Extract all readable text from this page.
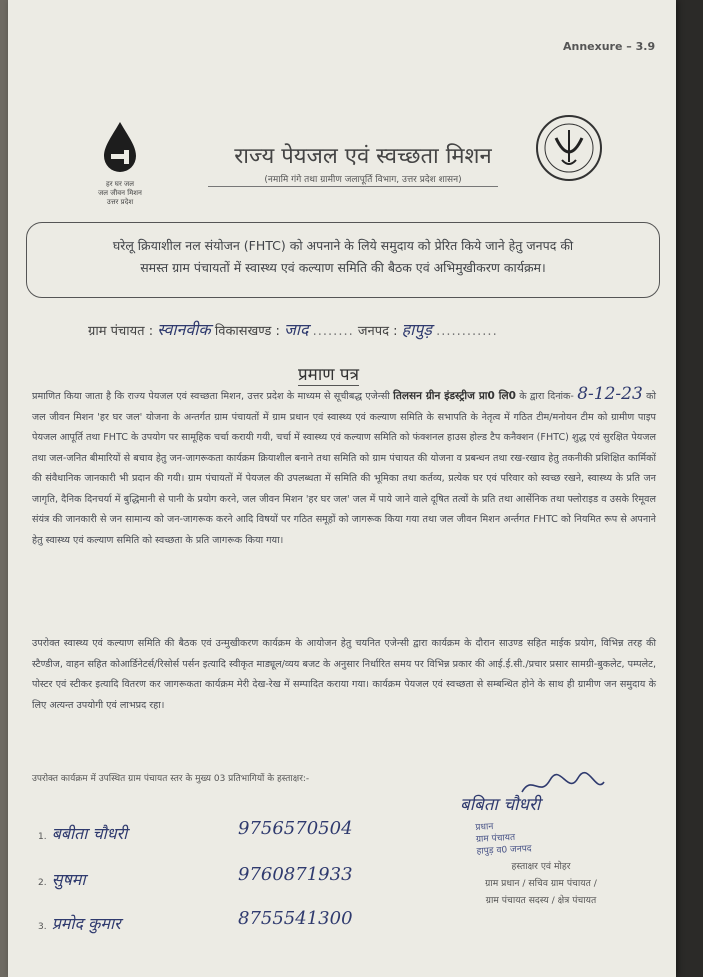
Annexure – 3.9
हर घर जल
जल जीवन मिशन
उत्तर प्रदेश
राज्य पेयजल एवं स्वच्छता मिशन
(नमामि गंगे तथा ग्रामीण जलापूर्ति विभाग, उत्तर प्रदेश शासन)
घरेलू क्रियाशील नल संयोजन (FHTC) को अपनाने के लिये समुदाय को प्रेरित किये जाने हेतु जनपद की
समस्त ग्राम पंचायतों में स्वास्थ्य एवं कल्याण समिति की बैठक एवं अभिमुखीकरण कार्यक्रम।
ग्राम पंचायत : स्वानवीक विकासखण्ड : जाद ........ जनपद : हापुड़ ............
प्रमाण पत्र
प्रमाणित किया जाता है कि राज्य पेयजल एवं स्वच्छता मिशन, उत्तर प्रदेश के माध्यम से सूचीबद्ध एजेन्सी तिलसन ग्रीन इंडस्ट्रीज प्रा0 लि0 के द्वारा दिनांक- 8-12-23 को जल जीवन मिशन 'हर घर जल' योजना के अन्तर्गत ग्राम पंचायतों में ग्राम प्रधान एवं स्वास्थ्य एवं कल्याण समिति के सभापति के नेतृत्व में गठित टीम/मनोयन टीम को ग्रामीण पाइप पेयजल आपूर्ति तथा FHTC के उपयोग पर सामूहिक चर्चा करायी गयी, चर्चा में स्वास्थ्य एवं कल्याण समिति को फंक्शनल हाउस होल्ड टैप कनैक्शन (FHTC) शुद्ध एवं सुरक्षित पेयजल तथा जल-जनित बीमारियों से बचाव हेतु जन-जागरूकता कार्यक्रम क्रियाशील बनाने तथा समिति को ग्राम पंचायत की योजना व प्रबन्धन तथा रख-रखाव हेतु तकनीकी प्रशिक्षित कार्मिकों की संवैधानिक जानकारी भी प्रदान की गयी। ग्राम पंचायतों में पेयजल की उपलब्धता में समिति की भूमिका तथा कर्तव्य, प्रत्येक घर एवं परिवार को स्वच्छ रखने, स्वास्थ्य के प्रति जन जागृति, दैनिक दिनचर्या में बुद्धिमानी से पानी के प्रयोग करने, जल जीवन मिशन 'हर घर जल' जल में पाये जाने वाले दूषित तत्वों के प्रति तथा आर्सेनिक तथा फ्लोराइड व उसके रिमूवल संयंत्र की जानकारी से जन सामान्य को जन-जागरूक करने आदि विषयों पर गठित समूहों को जागरूक किया गया तथा जल जीवन मिशन अर्न्तगत FHTC को नियमित रूप से अपनाने हेतु स्वास्थ्य एवं कल्याण समिति को स्वच्छता के प्रति जागरूक किया गया।
उपरोक्त स्वास्थ्य एवं कल्याण समिति की बैठक एवं उन्मुखीकरण कार्यक्रम के आयोजन हेतु चयनित एजेन्सी द्वारा कार्यक्रम के दौरान साउण्ड सहित माईक प्रयोग, विभिन्न तरह की स्टैण्डीज, वाहन सहित कोआर्डिनेटर्स/रिसोर्स पर्सन इत्यादि स्वीकृत माड्यूल/व्यय बजट के अनुसार निर्धारित समय पर विभिन्न प्रकार की आई.ई.सी./प्रचार प्रसार सामग्री-बुकलेट, पम्पलेट, पोस्टर एवं स्टीकर इत्यादि वितरण कर जागरूकता कार्यक्रम मेरी देख-रेख में सम्पादित कराया गया। कार्यक्रम पेयजल एवं स्वच्छता से सम्बन्धित होने के साथ ही ग्रामीण जन समुदाय के लिए अत्यन्त उपयोगी एवं लाभप्रद रहा।
उपरोक्त कार्यक्रम में उपस्थित ग्राम पंचायत स्तर के मुख्य 03 प्रतिभागियों के हस्ताक्षर:-
1. बबीता चौधरी	9756570504
2. सुषमा	9760871933
3. प्रमोद कुमार	8755541300
बबिता चौधरी
प्रधान
ग्राम पंचायत
हापुड़ व0 जनपद
हस्ताक्षर एवं मोहर
ग्राम प्रधान / सचिव ग्राम पंचायत /
ग्राम पंचायत सदस्य / क्षेत्र पंचायत
